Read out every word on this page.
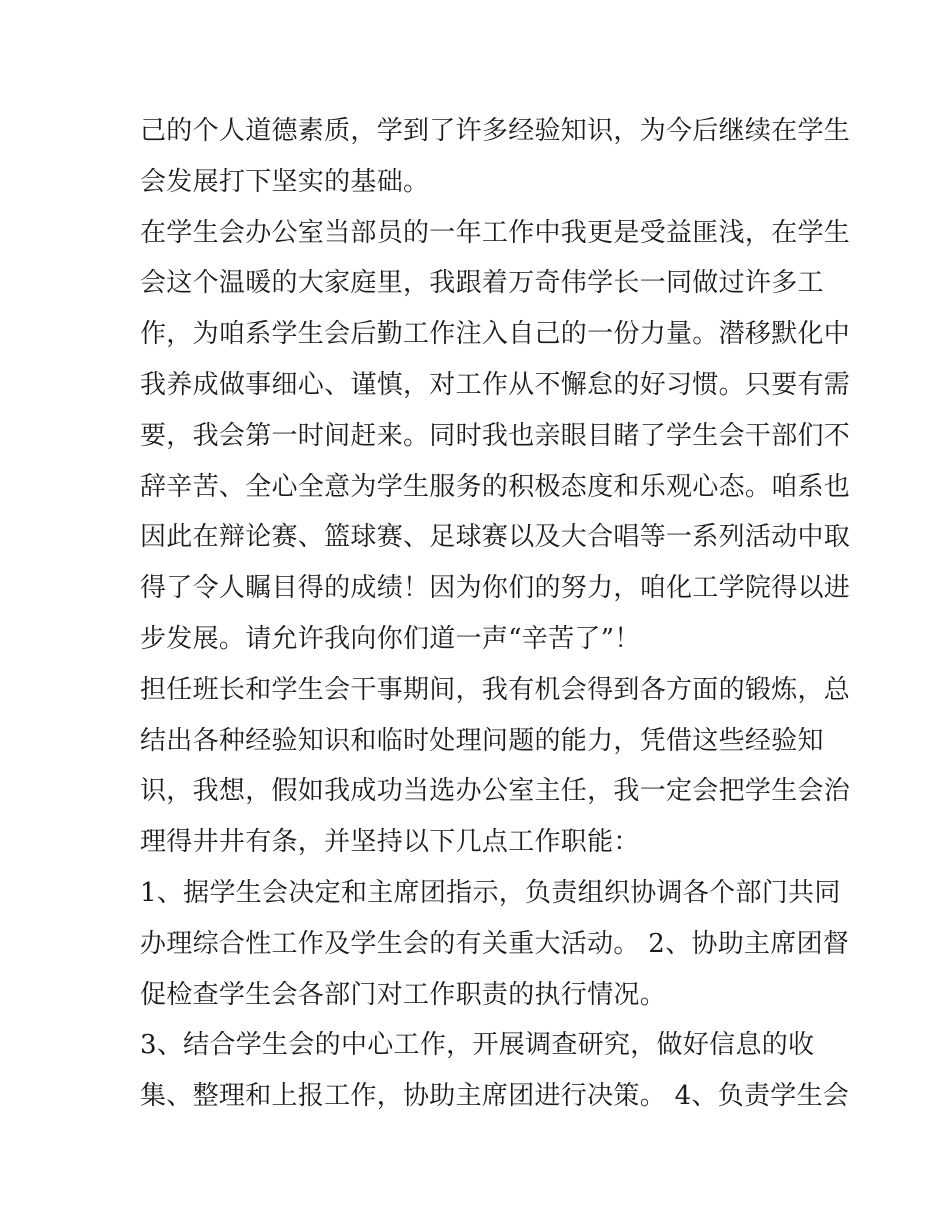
己的个人道德素质，学到了许多经验知识，为今后继续在学生
会发展打下坚实的基础。
在学生会办公室当部员的一年工作中我更是受益匪浅，在学生
会这个温暖的大家庭里，我跟着万奇伟学长一同做过许多工
作，为咱系学生会后勤工作注入自己的一份力量。潜移默化中
我养成做事细心、谨慎，对工作从不懈怠的好习惯。只要有需
要，我会第一时间赶来。同时我也亲眼目睹了学生会干部们不
辞辛苦、全心全意为学生服务的积极态度和乐观心态。咱系也
因此在辩论赛、篮球赛、足球赛以及大合唱等一系列活动中取
得了令人瞩目得的成绩！因为你们的努力，咱化工学院得以进
步发展。请允许我向你们道一声“辛苦了”！
担任班长和学生会干事期间，我有机会得到各方面的锻炼，总
结出各种经验知识和临时处理问题的能力，凭借这些经验知
识，我想，假如我成功当选办公室主任，我一定会把学生会治
理得井井有条，并坚持以下几点工作职能：
1、据学生会决定和主席团指示，负责组织协调各个部门共同
办理综合性工作及学生会的有关重大活动。 2、协助主席团督
促检查学生会各部门对工作职责的执行情况。
3、结合学生会的中心工作，开展调查研究，做好信息的收
集、整理和上报工作，协助主席团进行决策。 4、负责学生会
